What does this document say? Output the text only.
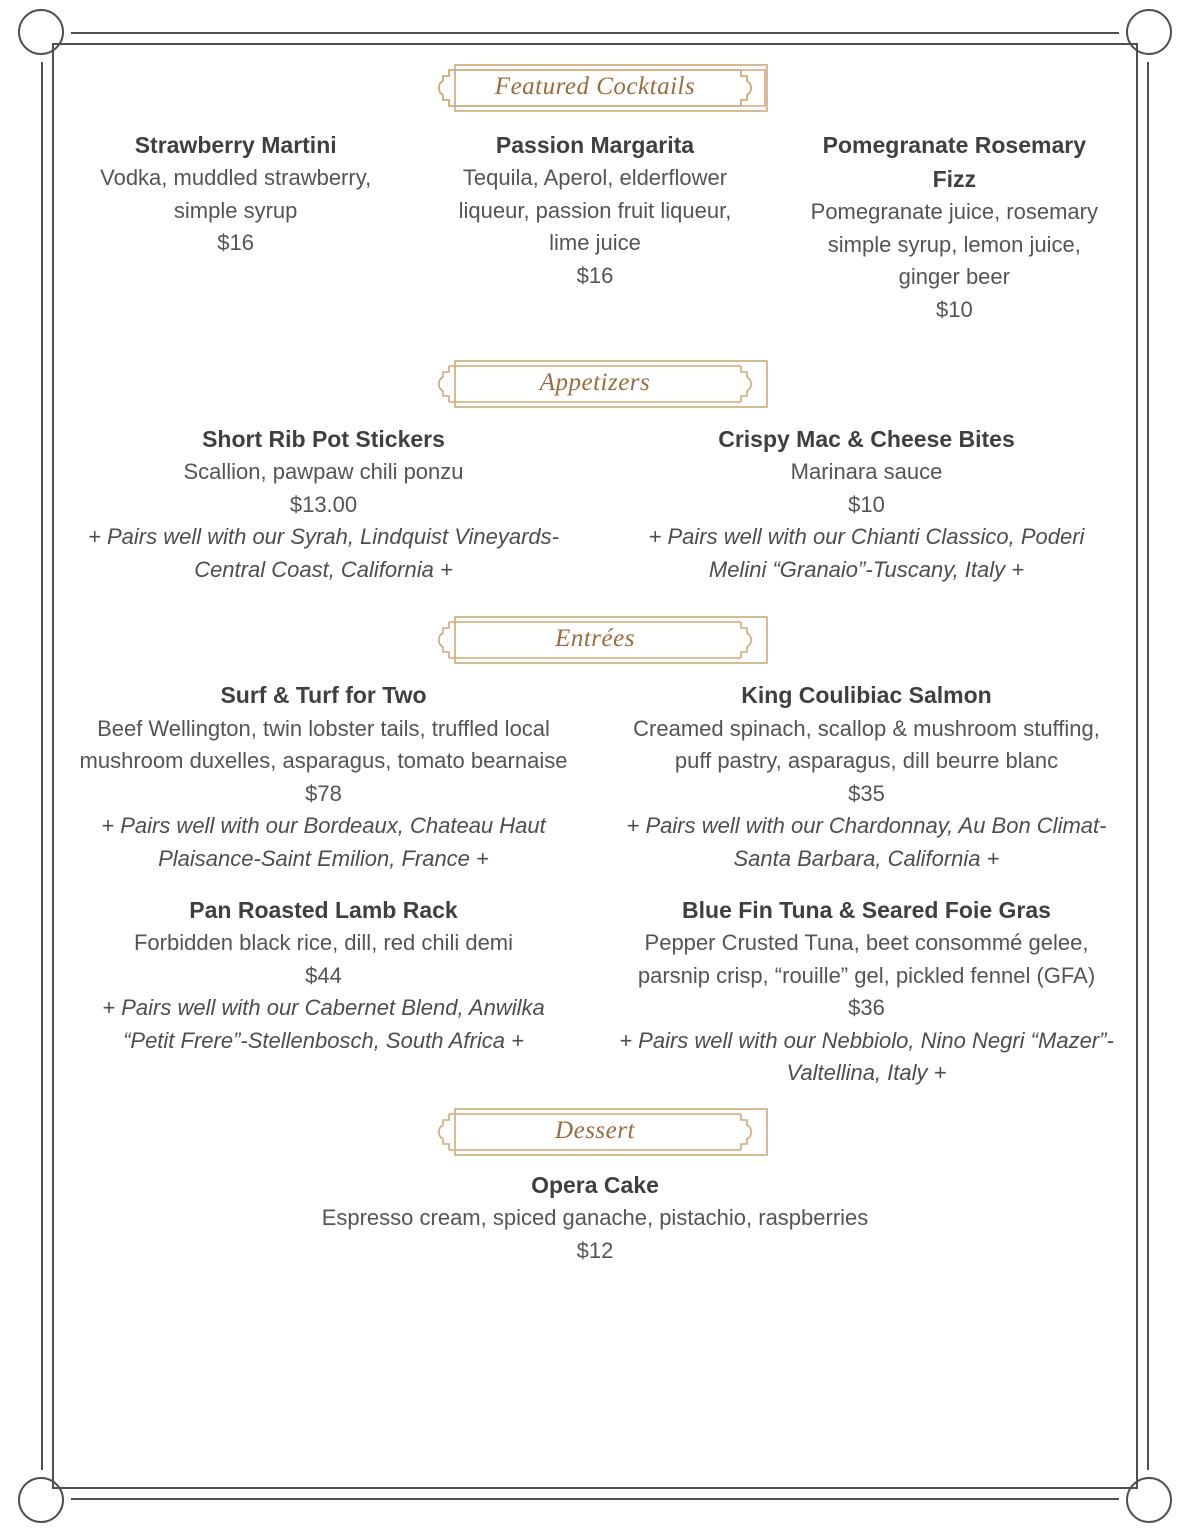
Featured Cocktails

Strawberry Martini

Vodka, muddled strawberry, simple syrup

$16

Passion Margarita

Tequila, Aperol, elderflower liqueur, passion fruit liqueur, lime juice

$16

Pomegranate Rosemary Fizz

Pomegranate juice, rosemary simple syrup, lemon juice, ginger beer

$10

Appetizers

Short Rib Pot Stickers

Scallion, pawpaw chili ponzu

$13.00

+ Pairs well with our Syrah, Lindquist Vineyards-Central Coast, California +

Crispy Mac & Cheese Bites

Marinara sauce

$10

+ Pairs well with our Chianti Classico, Poderi Melini “Granaio”-Tuscany, Italy +

Entrées

Surf & Turf for Two

Beef Wellington, twin lobster tails, truffled local mushroom duxelles, asparagus, tomato bearnaise

$78

+ Pairs well with our Bordeaux, Chateau Haut Plaisance-Saint Emilion, France +

King Coulibiac Salmon

Creamed spinach, scallop & mushroom stuffing, puff pastry, asparagus, dill beurre blanc

$35

+ Pairs well with our Chardonnay, Au Bon Climat-Santa Barbara, California +

Pan Roasted Lamb Rack

Forbidden black rice, dill, red chili demi

$44

+ Pairs well with our Cabernet Blend, Anwilka “Petit Frere”-Stellenbosch, South Africa +

Blue Fin Tuna & Seared Foie Gras

Pepper Crusted Tuna, beet consommé gelee, parsnip crisp, “rouille” gel, pickled fennel (GFA)

$36

+ Pairs well with our Nebbiolo, Nino Negri “Mazer”-Valtellina, Italy +

Dessert

Opera Cake

Espresso cream, spiced ganache, pistachio, raspberries

$12
